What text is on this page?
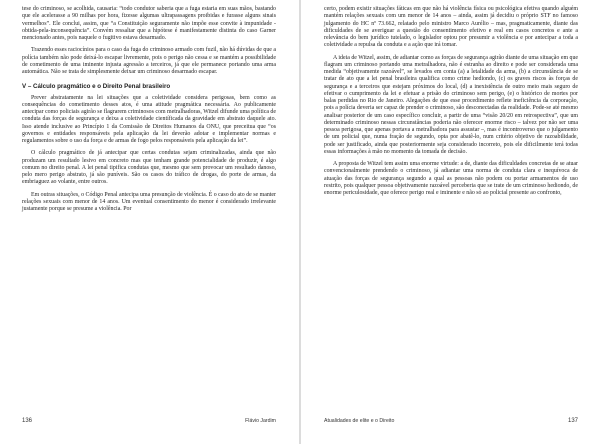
tese do criminoso, se acolhida, causaria: “todo condutor saberia que a fuga estaria em suas mãos, bastando que ele acelerasse a 90 milhas por hora, fizesse algumas ultrapassagens proibidas e furasse alguns sinais vermelhos”. Ele conclui, assim, que “a Constituição seguramente não impõe esse convite à impunidade -obtida-pela-inconsequência”. Convém ressaltar que a hipótese é manifestamente distinta do caso Garner mencionado antes, pois naquele o fugitivo estava desarmado.

Trazendo esses raciocínios para o caso da fuga do criminoso armado com fuzil, não há dúvidas de que a polícia também não pode deixá-lo escapar livremente, pois o perigo não cessa e se mantém a possibilidade de cometimento de uma iminente injusta agressão a terceiros, já que ele permanece portando uma arma automática. Não se trata de simplesmente deixar um criminoso desarmado escapar.

V – Cálculo pragmático e o Direito Penal brasileiro

Prever abstratamente na lei situações que a coletividade considera perigosas, bem como as consequências do cometimento desses atos, é uma atitude pragmática necessária. Ao publicamente antecipar como policiais agirão se flagrarem criminosos com metralhadoras, Witzel difunde uma política de conduta das forças de segurança e deixa a coletividade científicada da gravidade em abstrato daquele ato. Isso atende inclusive ao Princípio 1 da Comissão de Direitos Humanos da ONU, que preceitua que “os governos e entidades responsáveis pela aplicação da lei deverão adotar e implementar normas e regulamentos sobre o uso da força e de armas de fogo pelos responsáveis pela aplicação da lei”.

O cálculo pragmático de já antecipar que certas condutas sejam criminalizadas, ainda que não produzam um resultado lesivo em concreto mas que tenham grande potencialidade de produzir, é algo comum no direito penal. A lei penal tipifica condutas que, mesmo que sem provocar um resultado danoso, pelo mero perigo abstrato, já são puníveis. São os casos do tráfico de drogas, do porte de armas, da embriaguez ao volante, entre outros.

Em outras situações, o Código Penal antecipa uma presunção de violência. É o caso do ato de se manter relações sexuais com menor de 14 anos. Um eventual consentimento do menor é considerado irrelevante justamente porque se presume a violência. Por

136	Flávio Jardim

certo, podem existir situações fáticas em que não há violência física ou psicológica efetiva quando alguém mantém relações sexuais com um menor de 14 anos – ainda, assim já decidiu o próprio STF no famoso julgamento do HC nº 73.662, relatado pelo ministro Marco Aurélio – mas, pragmaticamente, diante das dificuldades de se averiguar a questão do consentimento efetivo e real em casos concretos e ante a relevância do bem jurídico tutelado, o legislador optou por presumir a violência e por antecipar a toda a coletividade a repulsa da conduta e a ação que irá tomar.

A ideia de Witzel, assim, de adiantar como as forças de segurança agirão diante de uma situação em que flagram um criminoso portando uma metralhadora, não é estranha ao direito e pode ser considerada uma medida “objetivamente razoável”, se levados em conta (a) a letalidade da arma, (b) a circunstância de se tratar de ato que a lei penal brasileira qualifica como crime hediondo, (c) os graves riscos às forças de segurança e a terceiros que estejam próximos do local, (d) a inexistência de outro meio mais seguro de efetivar o cumprimento da lei e efetuar a prisão do criminoso sem perigo, (e) o histórico de mortes por balas perdidas no Rio de Janeiro. Alegações de que esse procedimento reflete ineficiência da corporação, pois a polícia deveria ser capaz de prender o criminoso, são desconectadas da realidade. Pode-se até mesmo analisar posterior de um caso específico concluir, a partir de uma “visão 20/20 em retrospectiva”, que um determinado criminoso nessas circunstâncias poderia não oferecer enorme risco – talvez por não ser uma pessoa perigosa, que apenas portava a metralhadora para assustar –, mas é incontroverso que o julgamento de um policial que, numa fração de segundo, opta por abatê-lo, num critério objetivo de razoabilidade, pode ser justificado, ainda que posteriormente seja considerado incorreto, pois ele dificilmente terá todas essas informações à mão no momento da tomada de decisão.

A proposta de Witzel tem assim uma enorme virtude: a de, diante das dificuldades concretas de se atuar convencionalmente prendendo o criminoso, já adiantar uma norma de conduta clara e inequívoca de atuação das forças de segurança segundo a qual as pessoas não podem ou portar armamentos de uso restrito, pois qualquer pessoa objetivamente razoável perceberia que se trate de um criminoso hediondo, de enorme periculosidade, que oferece perigo real e iminente e não só ao policial presente ao confronto,

Atualidades de elite e o Direito	137
